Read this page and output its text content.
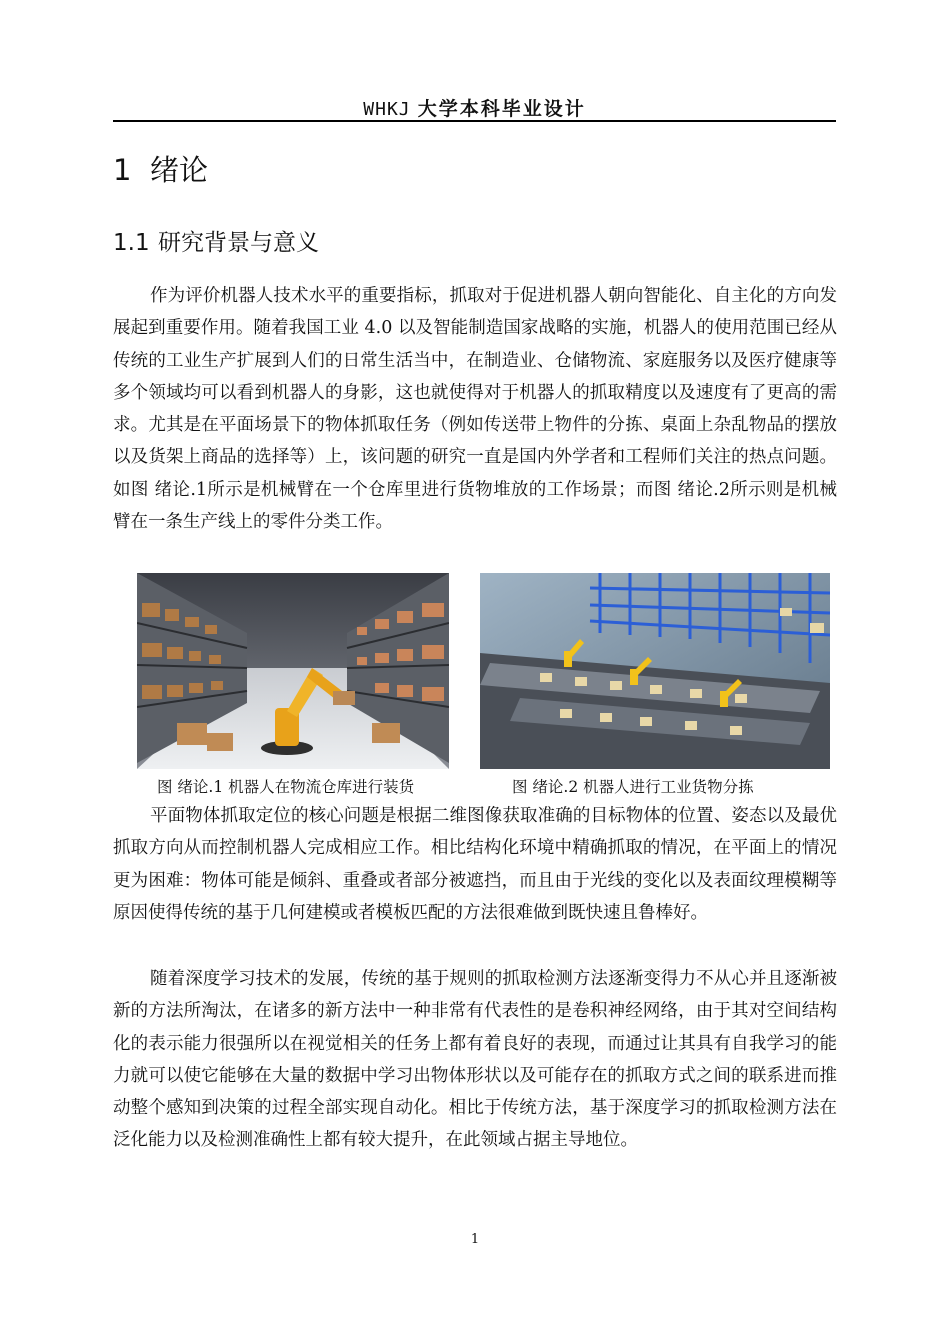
WHKJ 大学本科毕业设计
1 绪论
1.1 研究背景与意义

作为评价机器人技术水平的重要指标，抓取对于促进机器人朝向智能化、自主化的方向发展起到重要作用。随着我国工业 4.0 以及智能制造国家战略的实施，机器人的使用范围已经从传统的工业生产扩展到人们的日常生活当中，在制造业、仓储物流、家庭服务以及医疗健康等多个领域均可以看到机器人的身影，这也就使得对于机器人的抓取精度以及速度有了更高的需求。尤其是在平面场景下的物体抓取任务（例如传送带上物件的分拣、桌面上杂乱物品的摆放以及货架上商品的选择等）上，该问题的研究一直是国内外学者和工程师们关注的热点问题。如图 绪论.1所示是机械臂在一个仓库里进行货物堆放的工作场景；而图 绪论.2所示则是机械臂在一条生产线上的零件分类工作。

图 绪论.1 机器人在物流仓库进行装货	图 绪论.2 机器人进行工业货物分拣

平面物体抓取定位的核心问题是根据二维图像获取准确的目标物体的位置、姿态以及最优抓取方向从而控制机器人完成相应工作。相比结构化环境中精确抓取的情况，在平面上的情况更为困难：物体可能是倾斜、重叠或者部分被遮挡，而且由于光线的变化以及表面纹理模糊等原因使得传统的基于几何建模或者模板匹配的方法很难做到既快速且鲁棒好。

随着深度学习技术的发展，传统的基于规则的抓取检测方法逐渐变得力不从心并且逐渐被新的方法所淘汰，在诸多的新方法中一种非常有代表性的是卷积神经网络，由于其对空间结构化的表示能力很强所以在视觉相关的任务上都有着良好的表现，而通过让其具有自我学习的能力就可以使它能够在大量的数据中学习出物体形状以及可能存在的抓取方式之间的联系进而推动整个感知到决策的过程全部实现自动化。相比于传统方法，基于深度学习的抓取检测方法在泛化能力以及检测准确性上都有较大提升，在此领域占据主导地位。

1
